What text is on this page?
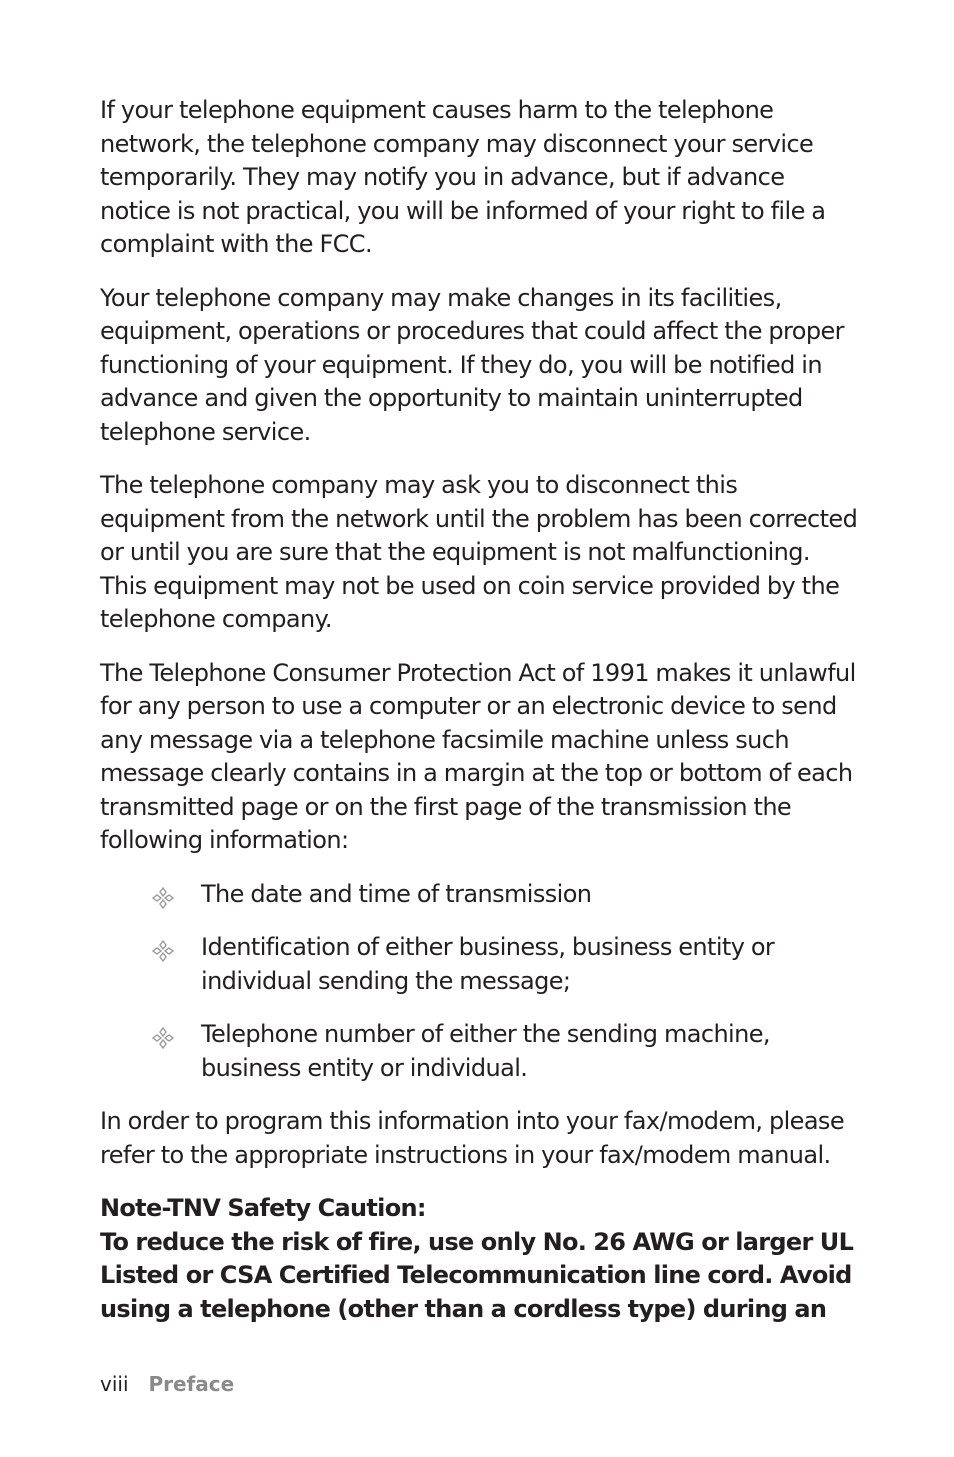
If your telephone equipment causes harm to the telephone network, the telephone company may disconnect your service temporarily. They may notify you in advance, but if advance notice is not practical, you will be informed of your right to file a complaint with the FCC.

Your telephone company may make changes in its facilities, equipment, operations or procedures that could affect the proper functioning of your equipment. If they do, you will be notified in advance and given the opportunity to maintain uninterrupted telephone service.

The telephone company may ask you to disconnect this equipment from the network until the problem has been corrected or until you are sure that the equipment is not malfunctioning. This equipment may not be used on coin service provided by the telephone company.

The Telephone Consumer Protection Act of 1991 makes it unlawful for any person to use a computer or an electronic device to send any message via a telephone facsimile machine unless such message clearly contains in a margin at the top or bottom of each transmitted page or on the first page of the transmission the following information:

The date and time of transmission
Identification of either business, business entity or individual sending the message;
Telephone number of either the sending machine, business entity or individual.

In order to program this information into your fax/modem, please refer to the appropriate instructions in your fax/modem manual.

Note-TNV Safety Caution:
To reduce the risk of fire, use only No. 26 AWG or larger UL Listed or CSA Certified Telecommunication line cord. Avoid using a telephone (other than a cordless type) during an

viii Preface
